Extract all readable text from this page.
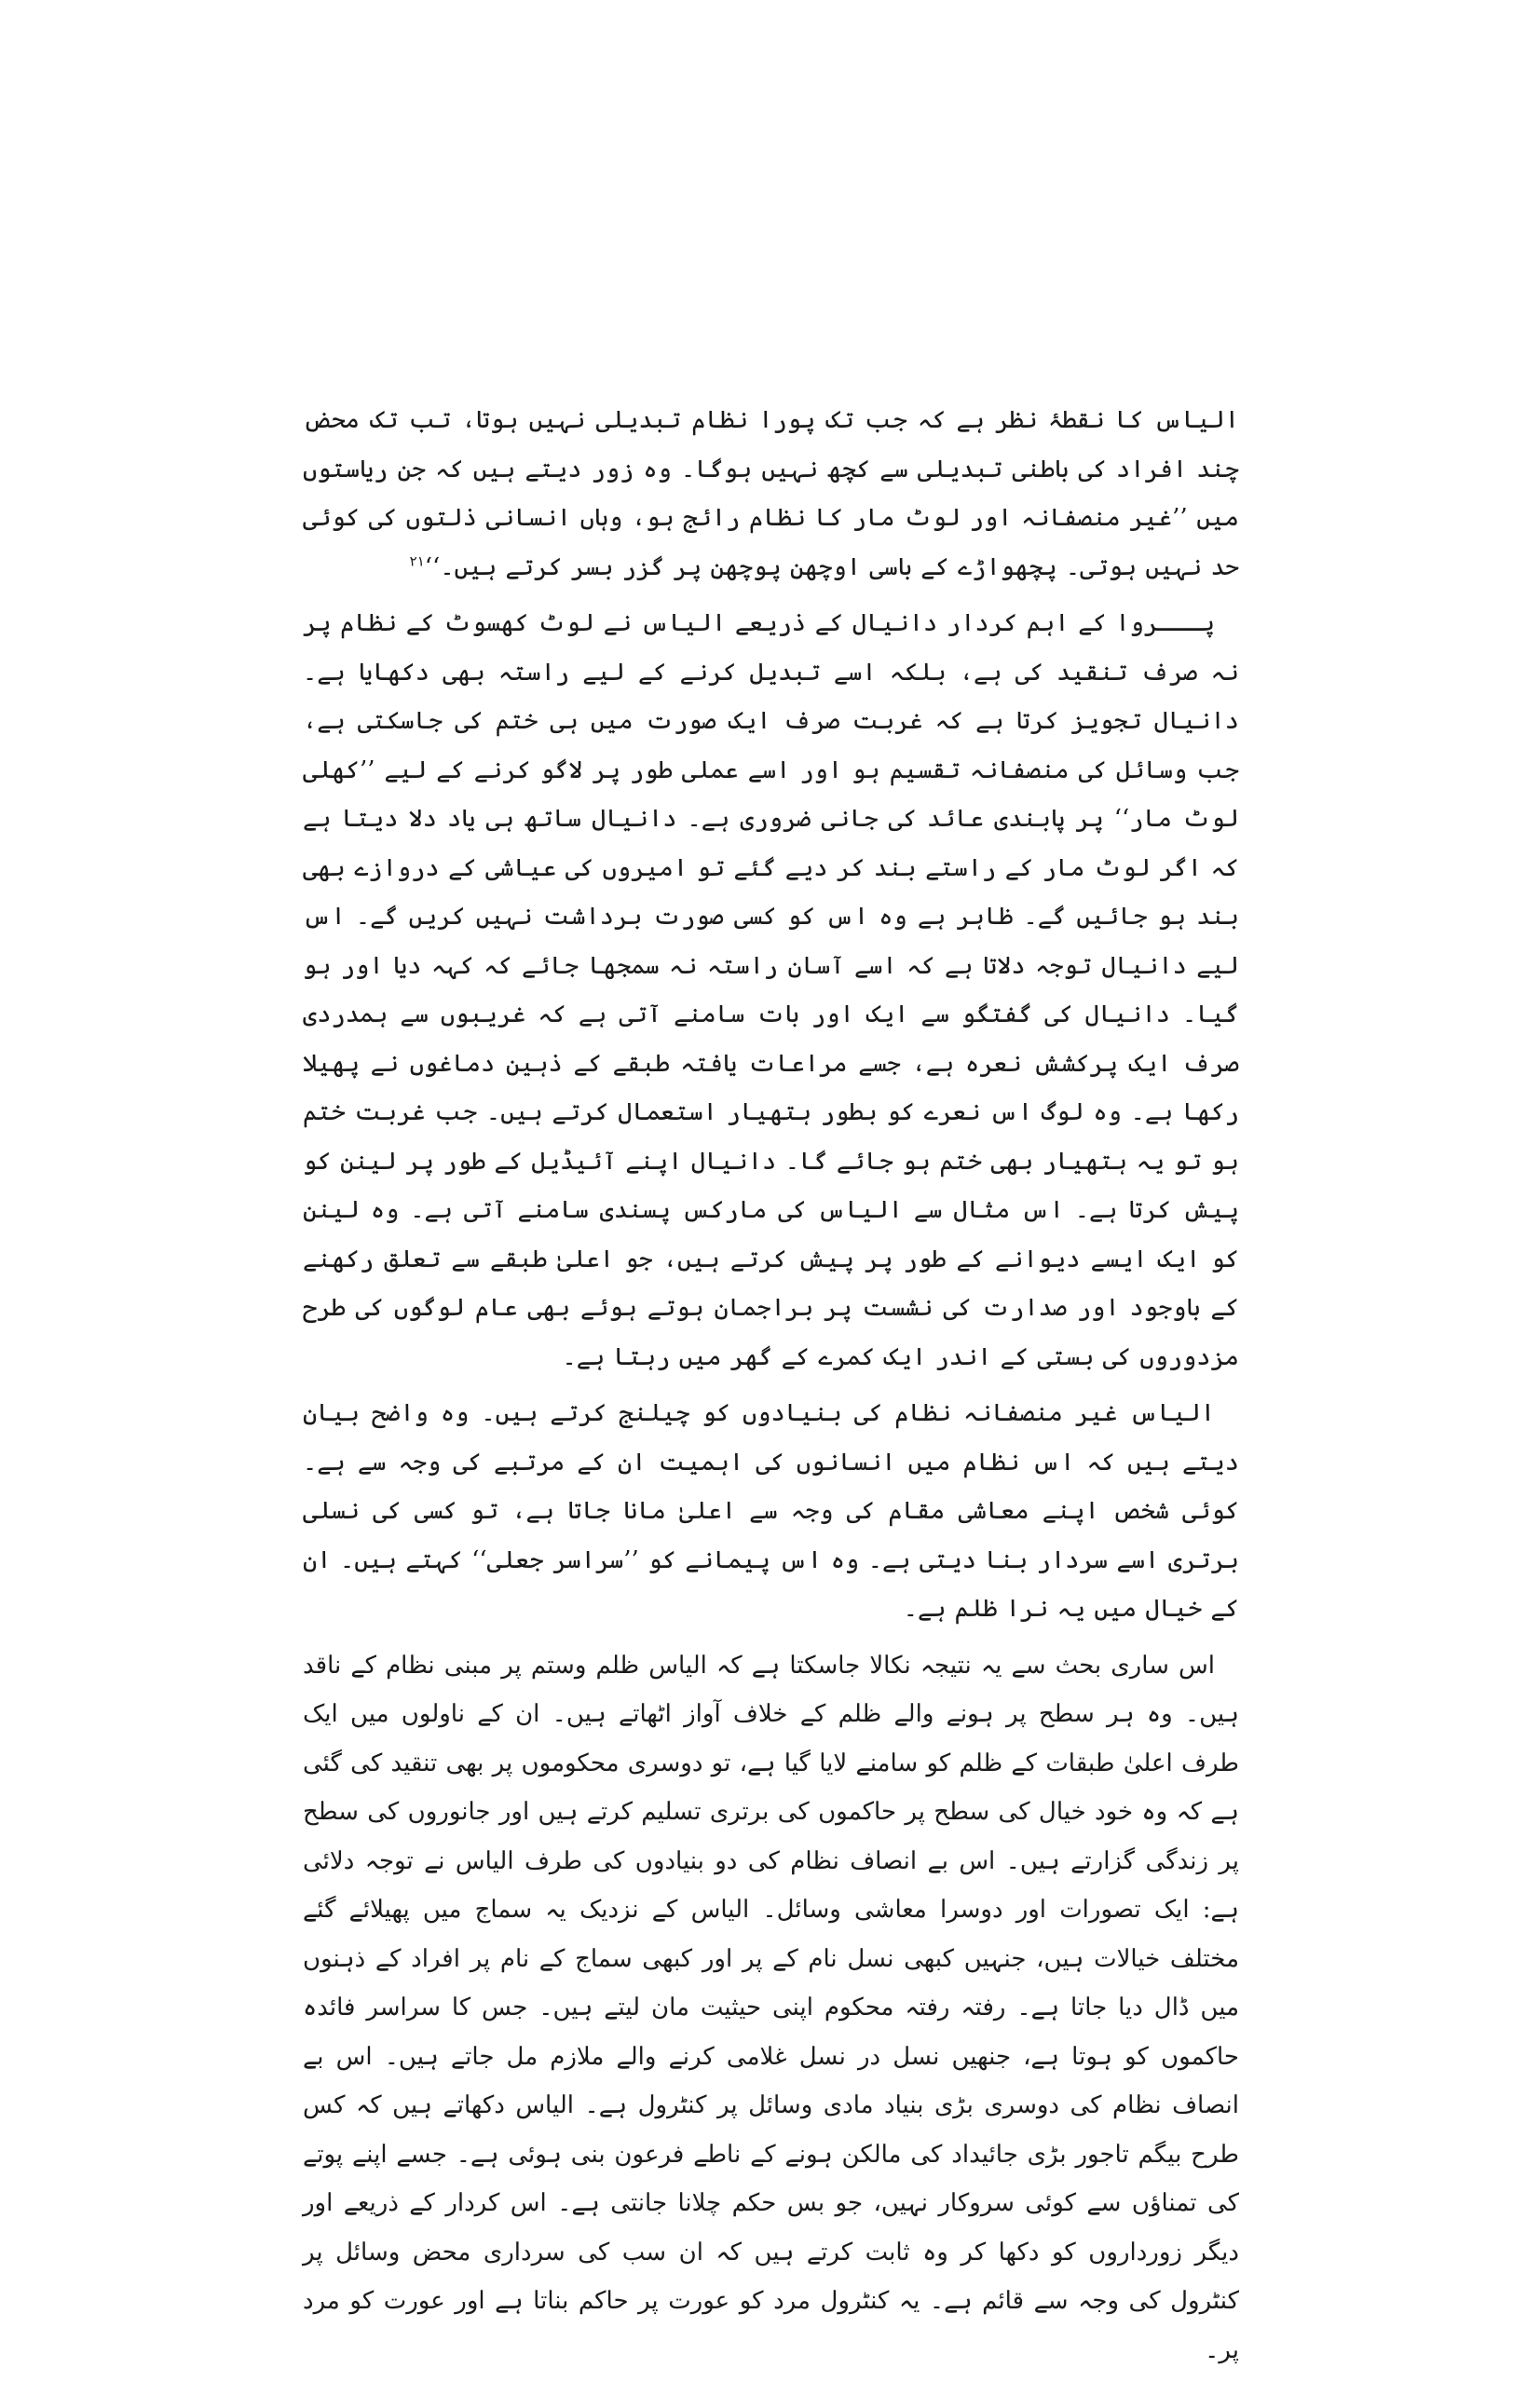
الیاس کا نقطۂ نظر ہے کہ جب تک پورا نظام تبدیلی نہیں ہوتا، تب تک محض چند افراد کی باطنی تبدیلی سے کچھ نہیں ہوگا۔ وہ زور دیتے ہیں کہ جن ریاستوں میں ’’غیر منصفانہ اور لوٹ مار کا نظام رائج ہو، وہاں انسانی ذلتوں کی کوئی حد نہیں ہوتی۔ پچھواڑے کے باسی اوچھن پوچھن پر گزر بسر کرتے ہیں۔‘‘$^{۲۱}$

پـــروا کے اہم کردار دانیال کے ذریعے الیاس نے لوٹ کھسوٹ کے نظام پر نہ صرف تنقید کی ہے، بلکہ اسے تبدیل کرنے کے لیے راستہ بھی دکھایا ہے۔ دانیال تجویز کرتا ہے کہ غربت صرف ایک صورت میں ہی ختم کی جاسکتی ہے، جب وسائل کی منصفانہ تقسیم ہو اور اسے عملی طور پر لاگو کرنے کے لیے ’’کھلی لوٹ مار‘‘ پر پابندی عائد کی جانی ضروری ہے۔ دانیال ساتھ ہی یاد دلا دیتا ہے کہ اگر لوٹ مار کے راستے بند کر دیے گئے تو امیروں کی عیاشی کے دروازے بھی بند ہو جائیں گے۔ ظاہر ہے وہ اس کو کسی صورت برداشت نہیں کریں گے۔ اس لیے دانیال توجہ دلاتا ہے کہ اسے آسان راستہ نہ سمجھا جائے کہ کہہ دیا اور ہو گیا۔ دانیال کی گفتگو سے ایک اور بات سامنے آتی ہے کہ غریبوں سے ہمدردی صرف ایک پرکشش نعرہ ہے، جسے مراعات یافتہ طبقے کے ذہین دماغوں نے پھیلا رکھا ہے۔ وہ لوگ اس نعرے کو بطور ہتھیار استعمال کرتے ہیں۔ جب غربت ختم ہو تو یہ ہتھیار بھی ختم ہو جائے گا۔ دانیال اپنے آئیڈیل کے طور پر لینن کو پیش کرتا ہے۔ اس مثال سے الیاس کی مارکس پسندی سامنے آتی ہے۔ وہ لینن کو ایک ایسے دیوانے کے طور پر پیش کرتے ہیں، جو اعلیٰ طبقے سے تعلق رکھنے کے باوجود اور صدارت کی نشست پر براجمان ہوتے ہوئے بھی عام لوگوں کی طرح مزدوروں کی بستی کے اندر ایک کمرے کے گھر میں رہتا ہے۔

الیاس غیر منصفانہ نظام کی بنیادوں کو چیلنج کرتے ہیں۔ وہ واضح بیان دیتے ہیں کہ اس نظام میں انسانوں کی اہمیت ان کے مرتبے کی وجہ سے ہے۔ کوئی شخص اپنے معاشی مقام کی وجہ سے اعلیٰ مانا جاتا ہے، تو کسی کی نسلی برتری اسے سردار بنا دیتی ہے۔ وہ اس پیمانے کو ’’سراسر جعلی‘‘ کہتے ہیں۔ ان کے خیال میں یہ نرا ظلم ہے۔

اس ساری بحث سے یہ نتیجہ نکالا جاسکتا ہے کہ الیاس ظلم وستم پر مبنی نظام کے ناقد ہیں۔ وہ ہر سطح پر ہونے والے ظلم کے خلاف آواز اٹھاتے ہیں۔ ان کے ناولوں میں ایک طرف اعلیٰ طبقات کے ظلم کو سامنے لایا گیا ہے، تو دوسری محکوموں پر بھی تنقید کی گئی ہے کہ وہ خود خیال کی سطح پر حاکموں کی برتری تسلیم کرتے ہیں اور جانوروں کی سطح پر زندگی گزارتے ہیں۔ اس بے انصاف نظام کی دو بنیادوں کی طرف الیاس نے توجہ دلائی ہے: ایک تصورات اور دوسرا معاشی وسائل۔ الیاس کے نزدیک یہ سماج میں پھیلائے گئے مختلف خیالات ہیں، جنہیں کبھی نسل نام کے پر اور کبھی سماج کے نام پر افراد کے ذہنوں میں ڈال دیا جاتا ہے۔ رفتہ رفتہ محکوم اپنی حیثیت مان لیتے ہیں۔ جس کا سراسر فائدہ حاکموں کو ہوتا ہے، جنھیں نسل در نسل غلامی کرنے والے ملازم مل جاتے ہیں۔ اس بے انصاف نظام کی دوسری بڑی بنیاد مادی وسائل پر کنٹرول ہے۔ الیاس دکھاتے ہیں کہ کس طرح بیگم تاجور بڑی جائیداد کی مالکن ہونے کے ناطے فرعون بنی ہوئی ہے۔ جسے اپنے پوتے کی تمناؤں سے کوئی سروکار نہیں، جو بس حکم چلانا جانتی ہے۔ اس کردار کے ذریعے اور دیگر زورداروں کو دکھا کر وہ ثابت کرتے ہیں کہ ان سب کی سرداری محض وسائل پر کنٹرول کی وجہ سے قائم ہے۔ یہ کنٹرول مرد کو عورت پر حاکم بناتا ہے اور عورت کو مرد پر۔
